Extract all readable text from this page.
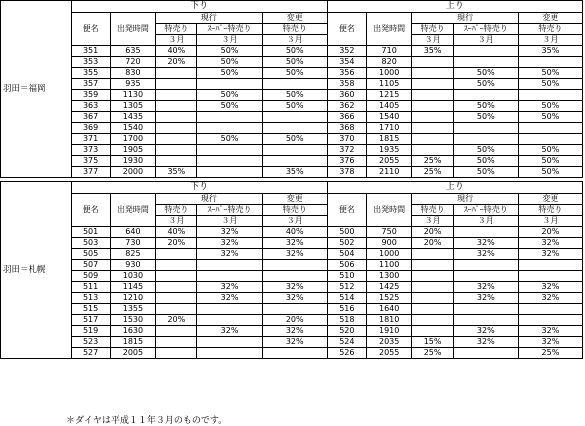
羽田＝福岡	下り					上り				
	便名	出発時間	現行		変更	便名	出発時間	現行		変更
			特売り	ｽｰﾊﾟｰ特売り	特売り			特売り	ｽｰﾊﾟｰ特売り	特売り
			３月	３月	３月			３月	３月	３月
	351	635	40%	50%	50%	352	710	35%		35%
	353	720	20%	50%	50%	354	820			
	355	830		50%	50%	356	1000		50%	50%
	357	935				358	1105		50%	50%
	359	1130		50%	50%	360	1215			
	363	1305		50%	50%	362	1405		50%	50%
	367	1435				366	1540		50%	50%
	369	1540				368	1710			
	371	1700		50%	50%	370	1815			
	373	1905				372	1935		50%	50%
	375	1930				376	2055	25%	50%	50%
	377	2000	35%		35%	378	2110	25%	50%	50%

羽田＝札幌	下り					上り				
	便名	出発時間	現行		変更	便名	出発時間	現行		変更
			特売り	ｽｰﾊﾟｰ特売り	特売り			特売り	ｽｰﾊﾟｰ特売り	特売り
			３月	３月	３月			３月	３月	３月
	501	640	40%	32%	40%	500	750	20%		20%
	503	730	20%	32%	32%	502	900	20%	32%	32%
	505	825		32%	32%	504	1000		32%	32%
	507	930				506	1100			
	509	1030				510	1300			
	511	1145		32%	32%	512	1425		32%	32%
	513	1210		32%	32%	514	1525		32%	32%
	515	1355				516	1640			
	517	1530	20%		20%	518	1810			
	519	1630		32%	32%	520	1910		32%	32%
	523	1815			32%	524	2035	15%	32%	32%
	527	2005				526	2055	25%		25%
＊ダイヤは平成１１年３月のものです。
